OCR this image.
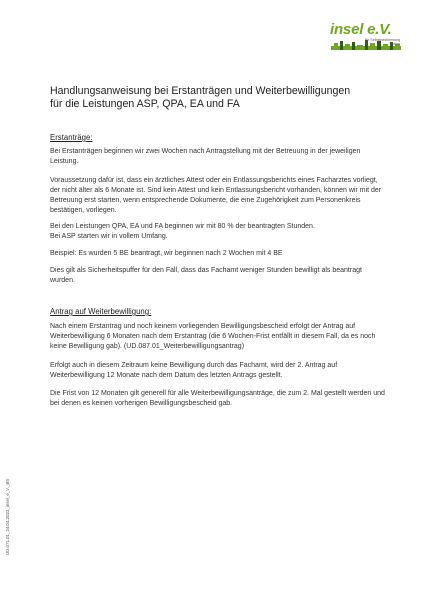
insel e.V.
für Selbstbestimmung leben
Handlungsanweisung bei Erstanträgen und Weiterbewilligungen
für die Leistungen ASP, QPA, EA und FA
Erstanträge:

Bei Erstanträgen beginnen wir zwei Wochen nach Antragstellung mit der Betreuung in der jeweiligen Leistung.

Voraussetzung dafür ist, dass ein ärztliches Attest oder ein Entlassungsberichts eines Facharztes vorliegt, der nicht älter als 6 Monate ist. Sind kein Attest und kein Entlassungsbericht vorhanden, können wir mit der Betreuung erst starten, wenn entsprechende Dokumente, die eine Zugehörigkeit zum Personenkreis bestätigen, vorliegen.

Bei den Leistungen QPA, EA und FA beginnen wir mit 80 % der beantragten Stunden.

Bei ASP starten wir in vollem Umfang.

Beispiel: Es wurden 5 BE beantragt, wir beginnen nach 2 Wochen mit 4 BE

Dies gilt als Sicherheitspuffer für den Fall, dass das Fachamt weniger Stunden bewilligt als beantragt wurden.

Antrag auf Weiterbewilligung:

Nach einem Erstantrag und noch keinem vorliegenden Bewilligungsbescheid erfolgt der Antrag auf Weiterbewilligung 6 Monaten nach dem Erstantrag (die 6 Wochen-Frist entfällt in diesem Fall, da es noch keine Bewilligung gab). (UD.087.01_Weiterbewilligungsantrag)

Erfolgt auch in diesem Zeitraum keine Bewilligung durch das Fachamt, wird der 2. Antrag auf Weiterbewilligung 12 Monate nach dem Datum des letzten Antrags gestellt.

Die Frist von 12 Monaten gilt generell für alle Weiterbewilligungsanträge, die zum 2. Mal gestellt werden und bei denen es keinen vorherigen Bewilligungsbescheid gab.

UD.071.01_24.04.2023_insel_e_V._BS
